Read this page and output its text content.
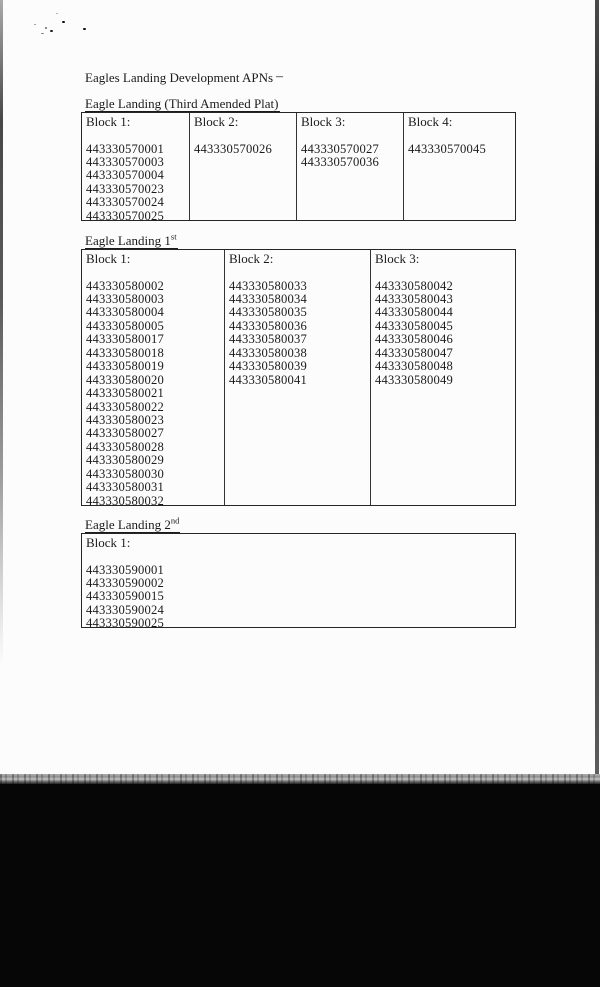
Eagles Landing Development APNs –
Eagle Landing (Third Amended Plat)
Block 1:
443330570001
443330570003
443330570004
443330570023
443330570024
443330570025
Block 2:
443330570026
Block 3:
443330570027
443330570036
Block 4:
443330570045
Eagle Landing 1st
Block 1:
443330580002
443330580003
443330580004
443330580005
443330580017
443330580018
443330580019
443330580020
443330580021
443330580022
443330580023
443330580027
443330580028
443330580029
443330580030
443330580031
443330580032
Block 2:
443330580033
443330580034
443330580035
443330580036
443330580037
443330580038
443330580039
443330580041
Block 3:
443330580042
443330580043
443330580044
443330580045
443330580046
443330580047
443330580048
443330580049
Eagle Landing 2nd
Block 1:
443330590001
443330590002
443330590015
443330590024
443330590025
